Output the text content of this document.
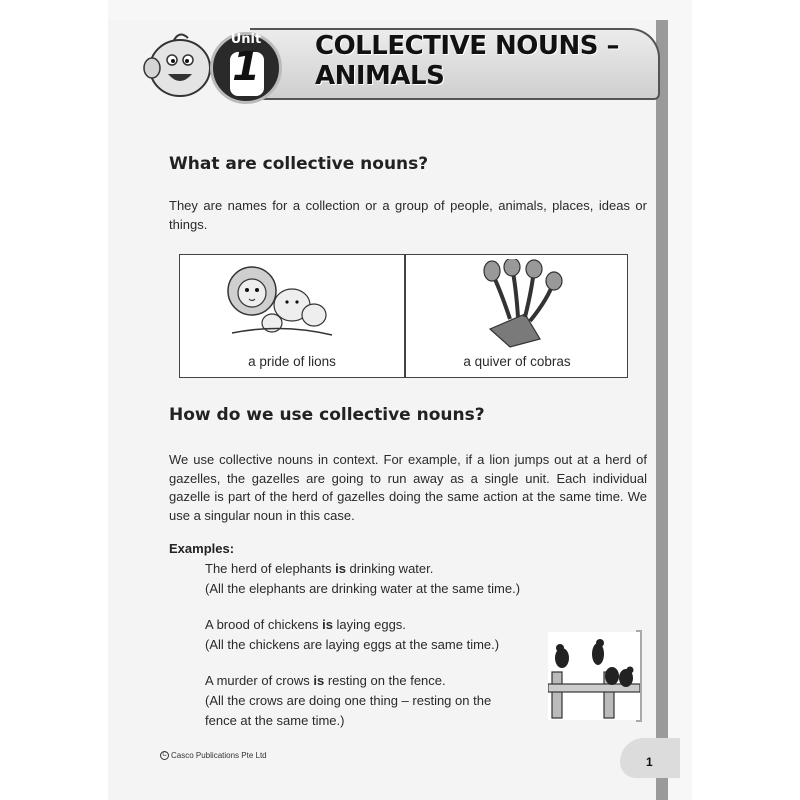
Unit
1	COLLECTIVE NOUNS –
ANIMALS
What are collective nouns?
They are names for a collection or a group of people, animals, places, ideas or things.
a pride of lions	a quiver of cobras
How do we use collective nouns?
We use collective nouns in context. For example, if a lion jumps out at a herd of gazelles, the gazelles are going to run away as a single unit. Each individual gazelle is part of the herd of gazelles doing the same action at the same time. We use a singular noun in this case.
Examples:
The herd of elephants is drinking water.
(All the elephants are drinking water at the same time.)
A brood of chickens is laying eggs.
(All the chickens are laying eggs at the same time.)
A murder of crows is resting on the fence.
(All the crows are doing one thing – resting on the
fence at the same time.)
C Casco Publications Pte Ltd	1
